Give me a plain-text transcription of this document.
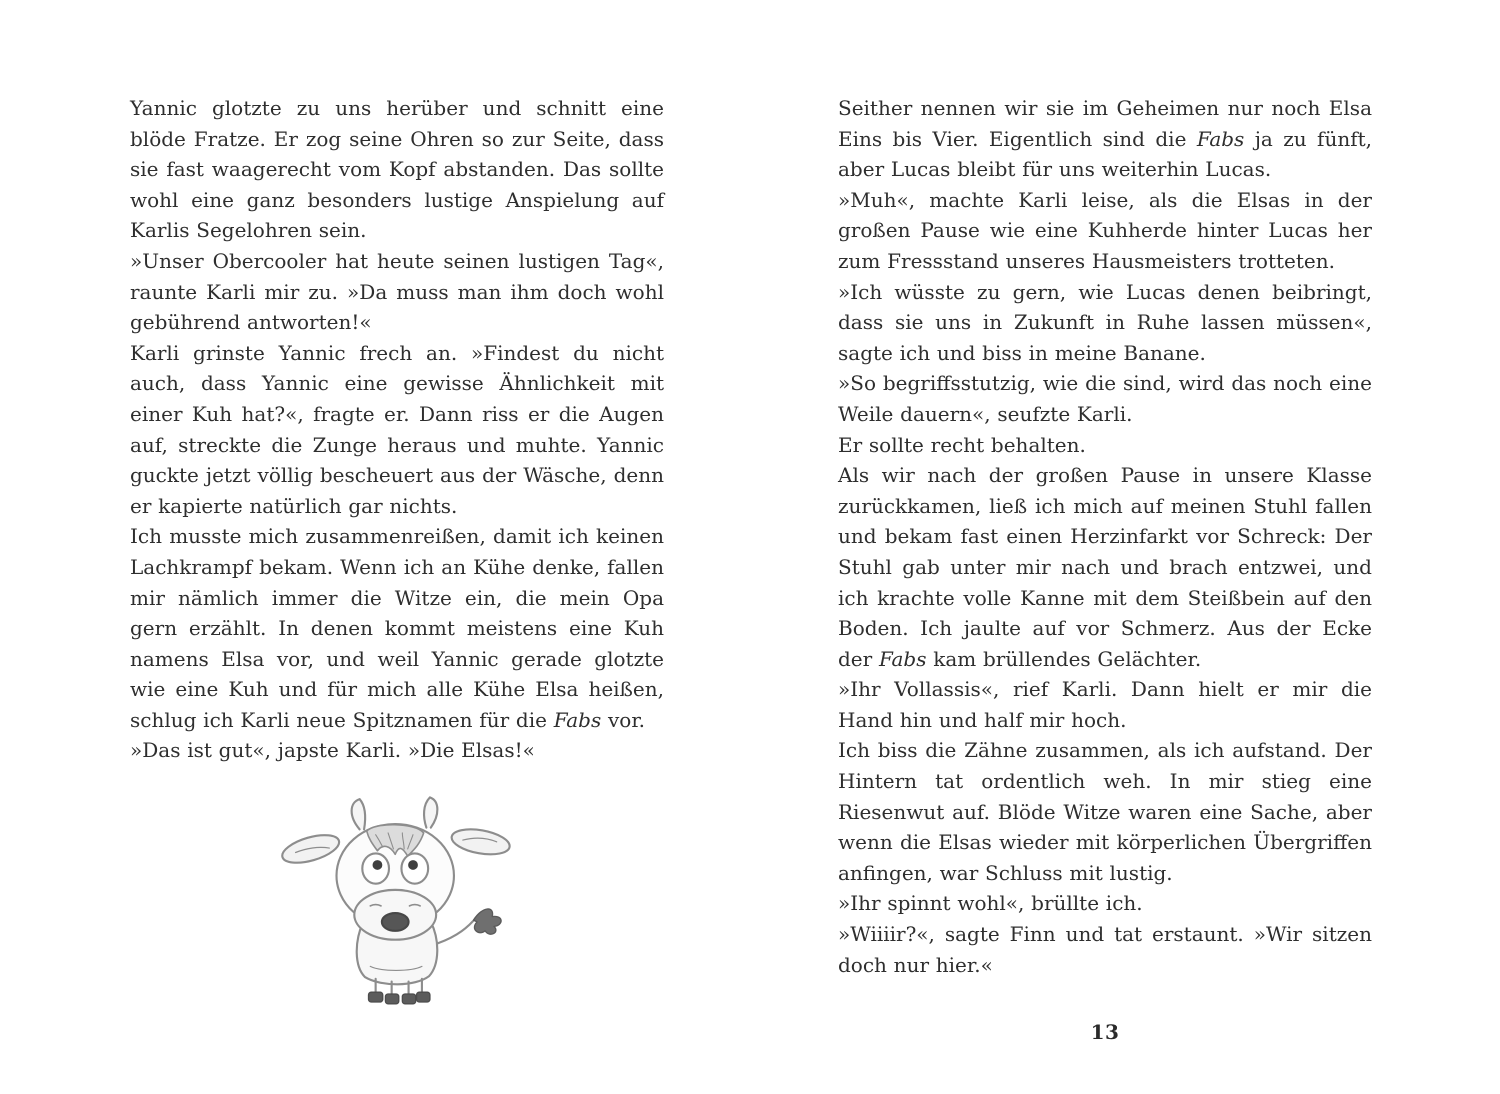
Yannic glotzte zu uns herüber und schnitt eine blöde Fratze. Er zog seine Ohren so zur Seite, dass sie fast waagerecht vom Kopf abstanden. Das sollte wohl eine ganz besonders lustige Anspielung auf Karlis Segelohren sein.

»Unser Obercooler hat heute seinen lustigen Tag«, raunte Karli mir zu. »Da muss man ihm doch wohl gebührend antworten!«

Karli grinste Yannic frech an. »Findest du nicht auch, dass Yannic eine gewisse Ähnlichkeit mit einer Kuh hat?«, fragte er. Dann riss er die Augen auf, streckte die Zunge heraus und muhte. Yannic guckte jetzt völlig bescheuert aus der Wäsche, denn er kapierte natürlich gar nichts.

Ich musste mich zusammenreißen, damit ich keinen Lachkrampf bekam. Wenn ich an Kühe denke, fallen mir nämlich immer die Witze ein, die mein Opa gern erzählt. In denen kommt meistens eine Kuh namens Elsa vor, und weil Yannic gerade glotzte wie eine Kuh und für mich alle Kühe Elsa heißen, schlug ich Karli neue Spitznamen für die Fabs vor.

»Das ist gut«, japste Karli. »Die Elsas!«

Seither nennen wir sie im Geheimen nur noch Elsa Eins bis Vier. Eigentlich sind die Fabs ja zu fünft, aber Lucas bleibt für uns weiterhin Lucas.

»Muh«, machte Karli leise, als die Elsas in der großen Pause wie eine Kuhherde hinter Lucas her zum Fressstand unseres Hausmeisters trotteten.

»Ich wüsste zu gern, wie Lucas denen beibringt, dass sie uns in Zukunft in Ruhe lassen müssen«, sagte ich und biss in meine Banane.

»So begriffsstutzig, wie die sind, wird das noch eine Weile dauern«, seufzte Karli.

Er sollte recht behalten.

Als wir nach der großen Pause in unsere Klasse zurückkamen, ließ ich mich auf meinen Stuhl fallen und bekam fast einen Herzinfarkt vor Schreck: Der Stuhl gab unter mir nach und brach entzwei, und ich krachte volle Kanne mit dem Steißbein auf den Boden. Ich jaulte auf vor Schmerz. Aus der Ecke der Fabs kam brüllendes Gelächter.

»Ihr Vollassis«, rief Karli. Dann hielt er mir die Hand hin und half mir hoch.

Ich biss die Zähne zusammen, als ich aufstand. Der Hintern tat ordentlich weh. In mir stieg eine Riesenwut auf. Blöde Witze waren eine Sache, aber wenn die Elsas wieder mit körperlichen Übergriffen anfingen, war Schluss mit lustig.

»Ihr spinnt wohl«, brüllte ich.

»Wiiiir?«, sagte Finn und tat erstaunt. »Wir sitzen doch nur hier.«

13
